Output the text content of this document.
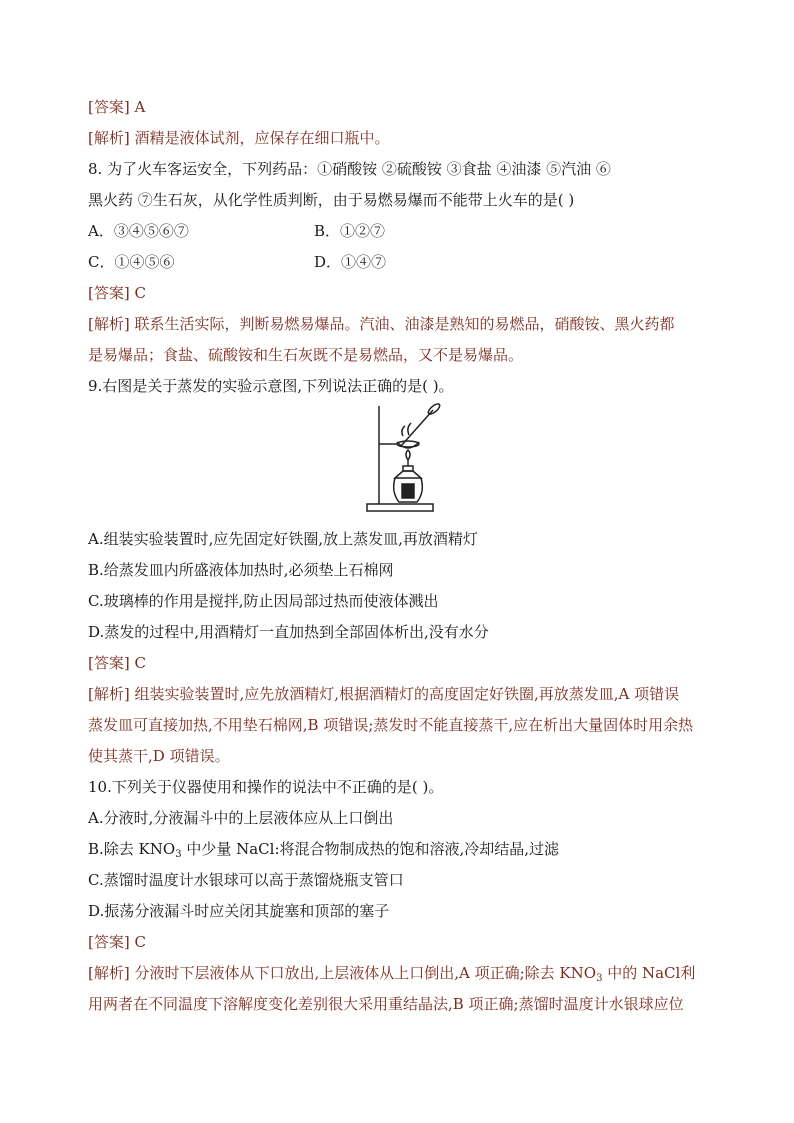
[答案] A
[解析] 酒精是液体试剂，应保存在细口瓶中。
8. 为了火车客运安全，下列药品：①硝酸铵 ②硫酸铵 ③食盐 ④油漆 ⑤汽油 ⑥
黑火药 ⑦生石灰，从化学性质判断，由于易燃易爆而不能带上火车的是( )
A．③④⑤⑥⑦	B．①②⑦
C．①④⑤⑥	D．①④⑦
[答案] C
[解析] 联系生活实际，判断易燃易爆品。汽油、油漆是熟知的易燃品，硝酸铵、黑火药都
是易爆品；食盐、硫酸铵和生石灰既不是易燃品，又不是易爆品。
9.右图是关于蒸发的实验示意图,下列说法正确的是( )。
A.组装实验装置时,应先固定好铁圈,放上蒸发皿,再放酒精灯
B.给蒸发皿内所盛液体加热时,必须垫上石棉网
C.玻璃棒的作用是搅拌,防止因局部过热而使液体溅出
D.蒸发的过程中,用酒精灯一直加热到全部固体析出,没有水分
[答案] C
[解析] 组装实验装置时,应先放酒精灯,根据酒精灯的高度固定好铁圈,再放蒸发皿,A 项错误
蒸发皿可直接加热,不用垫石棉网,B 项错误;蒸发时不能直接蒸干,应在析出大量固体时用余热
使其蒸干,D 项错误。
10.下列关于仪器使用和操作的说法中不正确的是( )。
A.分液时,分液漏斗中的上层液体应从上口倒出
B.除去 $KNO_3$ 中少量 NaCl:将混合物制成热的饱和溶液,冷却结晶,过滤
C.蒸馏时温度计水银球可以高于蒸馏烧瓶支管口
D.振荡分液漏斗时应关闭其旋塞和顶部的塞子
[答案] C
[解析] 分液时下层液体从下口放出,上层液体从上口倒出,A 项正确;除去 $KNO_3$ 中的 NaCl利
用两者在不同温度下溶解度变化差别很大采用重结晶法,B 项正确;蒸馏时温度计水银球应位
